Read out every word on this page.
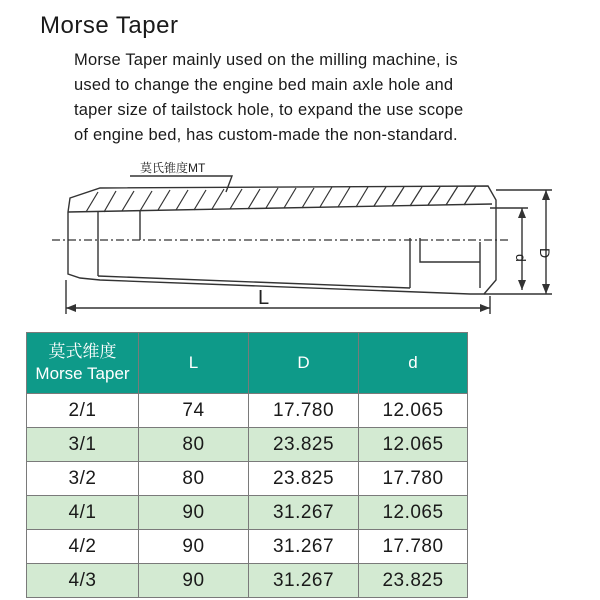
Morse Taper

Morse Taper mainly used on the milling machine, is

used to change the engine bed main axle hole and

taper size of tailstock hole, to expand the use scope

of engine bed, has custom-made the non-standard.

莫氏锥度MT
L
d D
莫式维度
Morse Taper	L	D	d
2/1	74	17.780	12.065
3/1	80	23.825	12.065
3/2	80	23.825	17.780
4/1	90	31.267	12.065
4/2	90	31.267	17.780
4/3	90	31.267	23.825
